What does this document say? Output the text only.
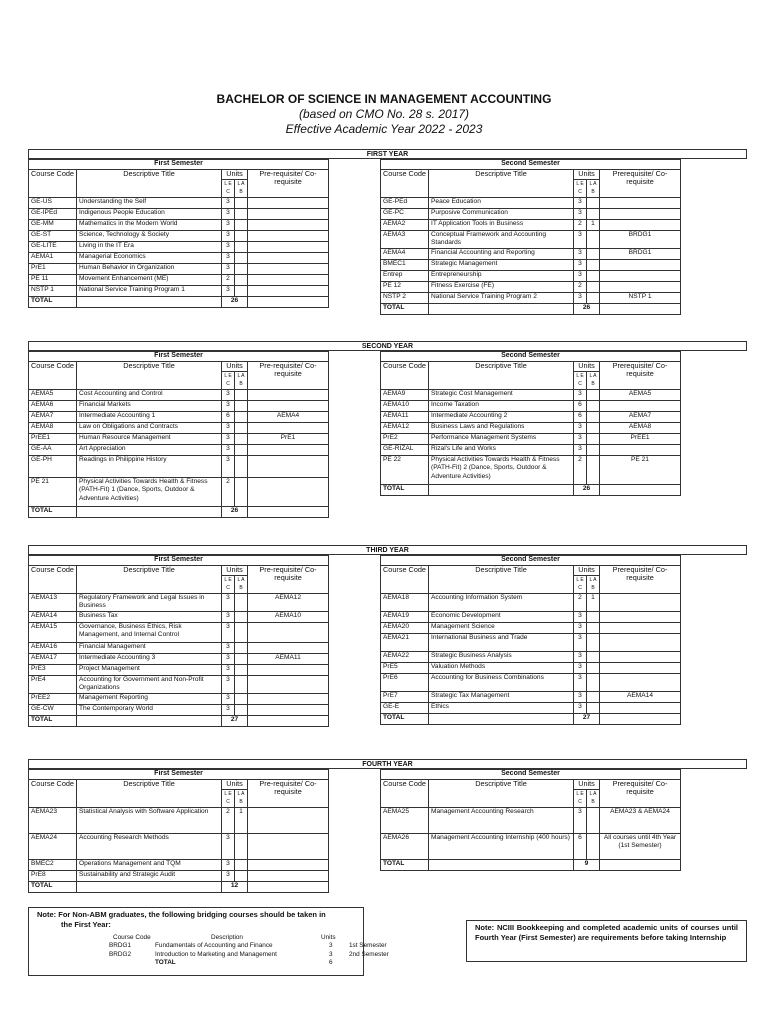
BACHELOR OF SCIENCE IN MANAGEMENT ACCOUNTING
(based on CMO No. 28 s. 2017)
Effective Academic Year 2022 - 2023
FIRST YEAR
First Semester				
Course Code	Descriptive Title	Units		Pre-requisite/ Co-requisite
		L E C	L A B	
GE-US	Understanding the Self	3		
GE-IPEd	Indigenous People Education	3		
GE-MM	Mathematics in the Modern World	3		
GE-ST	Science, Technology & Society	3		
GE-LITE	Living in the IT Era	3		
AEMA1	Managerial Economics	3		
PrE1	Human Behavior in Organization	3		
PE 11	Movement Enhancement (ME)	2		
NSTP 1	National Service Training Program 1	3		
TOTAL		26		
Second Semester				
Course Code	Descriptive Title	Units		Prerequisite/ Co-requisite
		L E C	L A B	
GE-PEd	Peace Education	3		
GE-PC	Purposive Communication	3		
AEMA2	IT Application Tools in Business	2	1	
AEMA3	Conceptual Framework and Accounting Standards	3		BRDG1
AEMA4	Financial Accounting and Reporting	3		BRDG1
BMEC1	Strategic Management	3		
Entrep	Entrepreneurship	3		
PE 12	Fitness Exercise (FE)	2		
NSTP 2	National Service Training Program 2	3		NSTP 1
TOTAL		26		
SECOND YEAR
First Semester				
Course Code	Descriptive Title	Units		Pre-requisite/ Co-requisite
		L E C	L A B	
AEMA5	Cost Accounting and Control	3		
AEMA6	Financial Markets	3		
AEMA7	Intermediate Accounting 1	6		AEMA4
AEMA8	Law on Obligations and Contracts	3		
PrEE1	Human Resource Management	3		PrE1
GE-AA	Art Appreciation	3		
GE-PH	Readings in Philippine History	3		
PE 21	Physical Activities Towards Health & Fitness (PATH-Fit) 1 (Dance, Sports, Outdoor & Adventure Activities)	2		
TOTAL		26		
Second Semester				
Course Code	Descriptive Title	Units		Prerequisite/ Co-requisite
		L E C	L A B	
AEMA9	Strategic Cost Management	3		AEMA5
AEMA10	Income Taxation	6		
AEMA11	Intermediate Accounting 2	6		AEMA7
AEMA12	Business Laws and Regulations	3		AEMA8
PrE2	Performance Management Systems	3		PrEE1
GE-RIZAL	Rizal's Life and Works	3		
PE 22	Physical Activities Towards Health & Fitness (PATH-Fit) 2 (Dance, Sports, Outdoor & Adventure Activities)	2		PE 21
TOTAL		26		
THIRD YEAR
First Semester				
Course Code	Descriptive Title	Units		Pre-requisite/ Co-requisite
		L E C	L A B	
AEMA13	Regulatory Framework and Legal Issues in Business	3		AEMA12
AEMA14	Business Tax	3		AEMA10
AEMA15	Governance, Business Ethics, Risk Management, and Internal Control	3		
AEMA16	Financial Management	3		
AEMA17	Intermediate Accounting 3	3		AEMA11
PrE3	Project Management	3		
PrE4	Accounting for Government and Non-Profit Organizations	3		
PrEE2	Management Reporting	3		
GE-CW	The Contemporary World	3		
TOTAL		27		
Second Semester				
Course Code	Descriptive Title	Units		Prerequisite/ Co-requisite
		L E C	L A B	
AEMA18	Accounting Information System	2	1	
AEMA19	Economic Development	3		
AEMA20	Management Science	3		
AEMA21	International Business and Trade	3		
AEMA22	Strategic Business Analysis	3		
PrE5	Valuation Methods	3		
PrE6	Accounting for Business Combinations	3		
PrE7	Strategic Tax Management	3		AEMA14
GE-E	Ethics	3		
TOTAL		27		
FOURTH YEAR
First Semester				
Course Code	Descriptive Title	Units		Pre-requisite/ Co-requisite
		L E C	L A B	
AEMA23	Statistical Analysis with Software Application	2	1	
AEMA24	Accounting Research Methods	3		
BMEC2	Operations Management and TQM	3		
PrE8	Sustainability and Strategic Audit	3		
TOTAL		12		
Second Semester				
Course Code	Descriptive Title	Units		Prerequisite/ Co-requisite
		L E C	L A B	
AEMA25	Management Accounting Research	3		AEMA23 & AEMA24
AEMA26	Management Accounting Internship (400 hours)	6		All courses until 4th Year (1st Semester)
TOTAL		9		
Note: For Non-ABM graduates, the following bridging courses should be taken in
the First Year:
Course Code	Description	Units
BRDG1	Fundamentals of Accounting and Finance	3	1st Semester
BRDG2	Introduction to Marketing and Management	3	2nd Semester
TOTAL	6
Note: NCIII Bookkeeping and completed academic units of courses until Fourth Year (First Semester) are requirements before taking Internship
